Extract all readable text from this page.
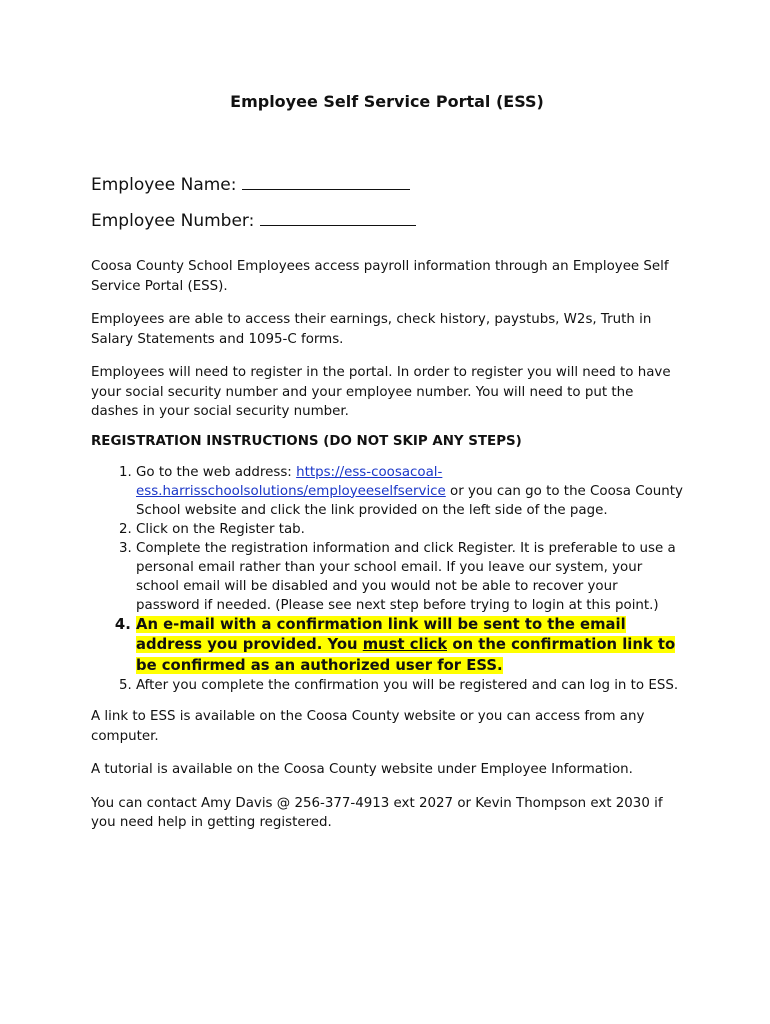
Employee Self Service Portal (ESS)
Employee Name:
Employee Number:

Coosa County School Employees access payroll information through an Employee Self Service Portal (ESS).

Employees are able to access their earnings, check history, paystubs, W2s, Truth in Salary Statements and 1095-C forms.

Employees will need to register in the portal. In order to register you will need to have your social security number and your employee number. You will need to put the dashes in your social security number.

REGISTRATION INSTRUCTIONS (DO NOT SKIP ANY STEPS)
1. Go to the web address: https://ess-coosacoal-ess.harrisschoolsolutions/employeeselfservice or you can go to the Coosa County School website and click the link provided on the left side of the page.
2. Click on the Register tab.
3. Complete the registration information and click Register. It is preferable to use a personal email rather than your school email. If you leave our system, your school email will be disabled and you would not be able to recover your password if needed. (Please see next step before trying to login at this point.)
4. An e-mail with a confirmation link will be sent to the email address you provided. You must click on the confirmation link to be confirmed as an authorized user for ESS.
5. After you complete the confirmation you will be registered and can log in to ESS.

A link to ESS is available on the Coosa County website or you can access from any computer.

A tutorial is available on the Coosa County website under Employee Information.

You can contact Amy Davis @ 256-377-4913 ext 2027 or Kevin Thompson ext 2030 if you need help in getting registered.
